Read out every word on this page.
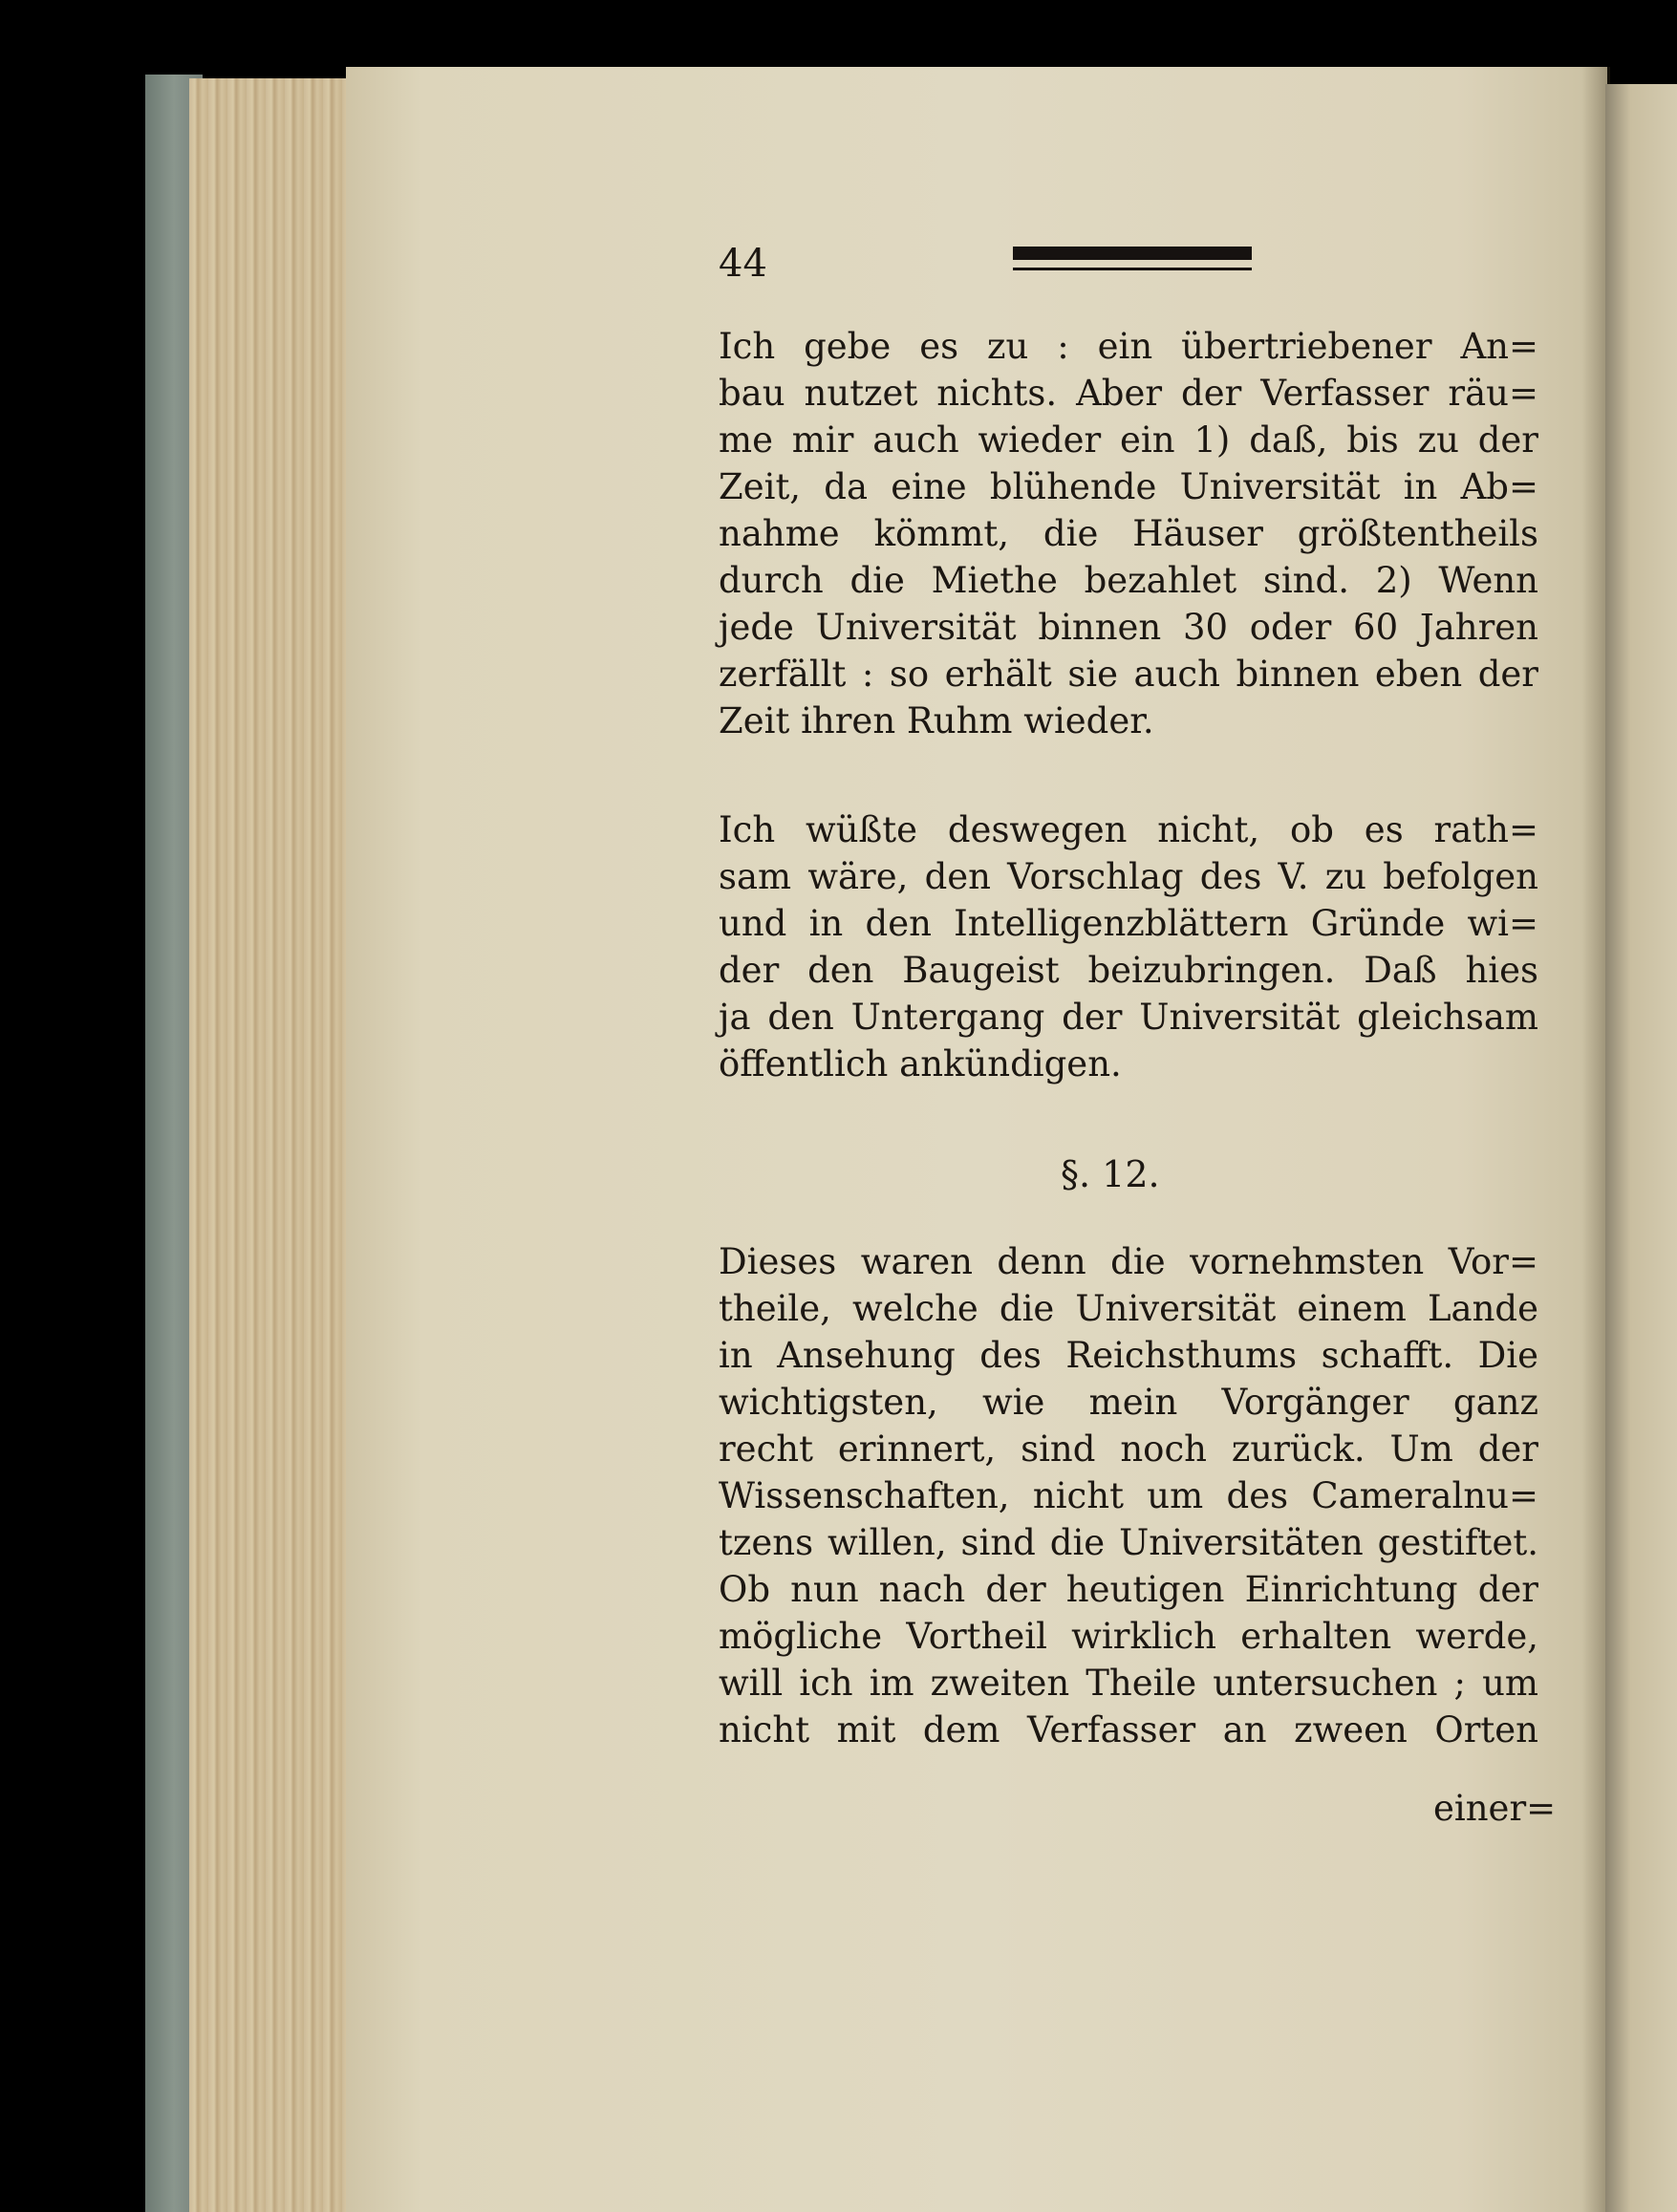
44
Ich gebe es zu : ein übertriebener An=
bau nutzet nichts. Aber der Verfasser räu=
me mir auch wieder ein 1) daß, bis zu der
Zeit, da eine blühende Universität in Ab=
nahme kömmt, die Häuser größtentheils
durch die Miethe bezahlet sind. 2) Wenn
jede Universität binnen 30 oder 60 Jahren
zerfällt : so erhält sie auch binnen eben der
Zeit ihren Ruhm wieder.
Ich wüßte deswegen nicht, ob es rath=
sam wäre, den Vorschlag des V. zu befolgen
und in den Intelligenzblättern Gründe wi=
der den Baugeist beizubringen. Daß hies
ja den Untergang der Universität gleichsam
öffentlich ankündigen.
§. 12.
Dieses waren denn die vornehmsten Vor=
theile, welche die Universität einem Lande
in Ansehung des Reichsthums schafft. Die
wichtigsten, wie mein Vorgänger ganz
recht erinnert, sind noch zurück. Um der
Wissenschaften, nicht um des Cameralnu=
tzens willen, sind die Universitäten gestiftet.
Ob nun nach der heutigen Einrichtung der
mögliche Vortheil wirklich erhalten werde,
will ich im zweiten Theile untersuchen ; um
nicht mit dem Verfasser an zween Orten
einer=
